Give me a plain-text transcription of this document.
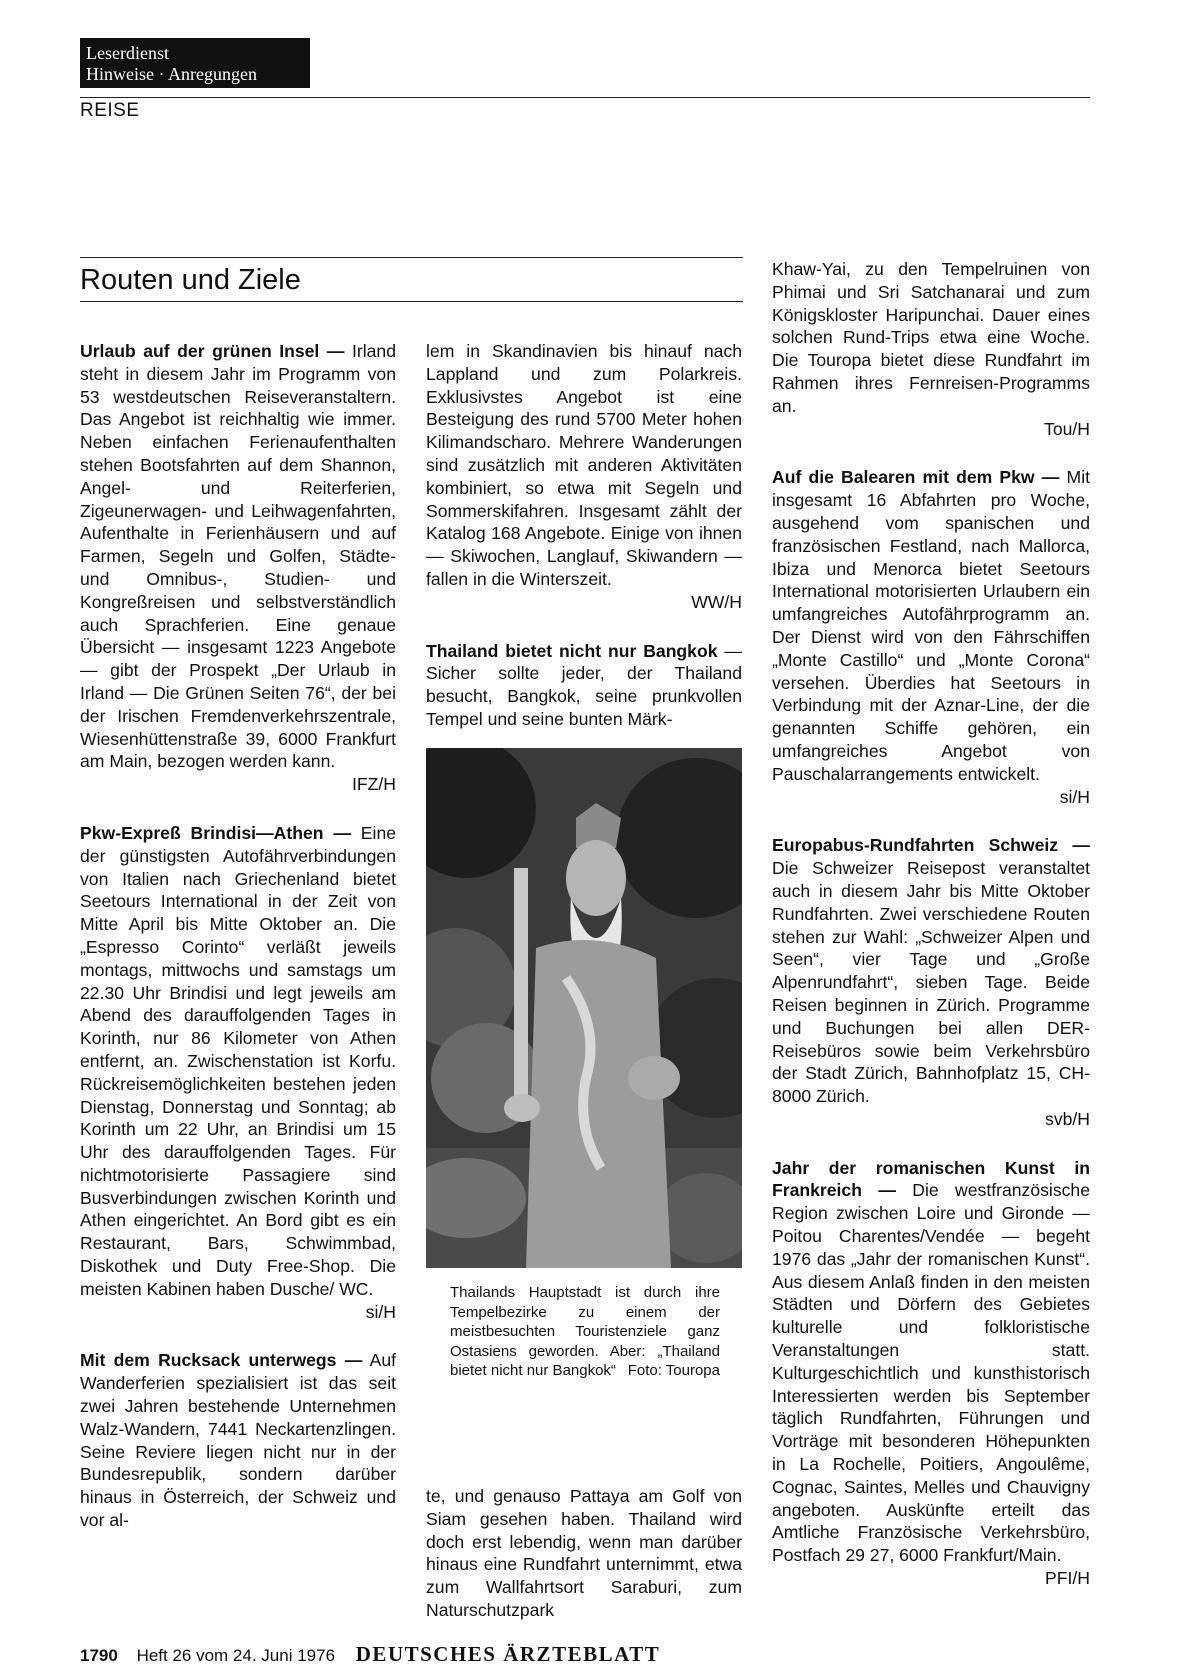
Leserdienst
Hinweise · Anregungen
REISE
Routen und Ziele

Urlaub auf der grünen Insel — Irland steht in diesem Jahr im Programm von 53 westdeutschen Reiseveranstaltern. Das Angebot ist reichhaltig wie immer. Neben einfachen Ferienaufenthalten stehen Bootsfahrten auf dem Shannon, Angel- und Reiterferien, Zigeunerwagen- und Leihwagenfahrten, Aufenthalte in Ferienhäusern und auf Farmen, Segeln und Golfen, Städte- und Omnibus-, Studien- und Kongreßreisen und selbstverständlich auch Sprachferien. Eine genaue Übersicht — insgesamt 1223 Angebote — gibt der Prospekt „Der Urlaub in Irland — Die Grünen Seiten 76“, der bei der Irischen Fremdenverkehrszentrale, Wiesenhüttenstraße 39, 6000 Frankfurt am Main, bezogen werden kann.
IFZ/H

Pkw-Expreß Brindisi—Athen — Eine der günstigsten Autofährverbindungen von Italien nach Griechenland bietet Seetours International in der Zeit von Mitte April bis Mitte Oktober an. Die „Espresso Corinto“ verläßt jeweils montags, mittwochs und samstags um 22.30 Uhr Brindisi und legt jeweils am Abend des darauffolgenden Tages in Korinth, nur 86 Kilometer von Athen entfernt, an. Zwischenstation ist Korfu. Rückreisemöglichkeiten bestehen jeden Dienstag, Donnerstag und Sonntag; ab Korinth um 22 Uhr, an Brindisi um 15 Uhr des darauffolgenden Tages. Für nichtmotorisierte Passagiere sind Busverbindungen zwischen Korinth und Athen eingerichtet. An Bord gibt es ein Restaurant, Bars, Schwimmbad, Diskothek und Duty Free-Shop. Die meisten Kabinen haben Dusche/ WC.
si/H

Mit dem Rucksack unterwegs — Auf Wanderferien spezialisiert ist das seit zwei Jahren bestehende Unternehmen Walz-Wandern, 7441 Neckartenzlingen. Seine Reviere liegen nicht nur in der Bundesrepublik, sondern darüber hinaus in Österreich, der Schweiz und vor al-

lem in Skandinavien bis hinauf nach Lappland und zum Polarkreis. Exklusivstes Angebot ist eine Besteigung des rund 5700 Meter hohen Kilimandscharo. Mehrere Wanderungen sind zusätzlich mit anderen Aktivitäten kombiniert, so etwa mit Segeln und Sommerskifahren. Insgesamt zählt der Katalog 168 Angebote. Einige von ihnen — Skiwochen, Langlauf, Skiwandern — fallen in die Winterszeit.
WW/H

Thailand bietet nicht nur Bangkok — Sicher sollte jeder, der Thailand besucht, Bangkok, seine prunkvollen Tempel und seine bunten Märk-

Thailands Hauptstadt ist durch ihre Tempelbezirke zu einem der meistbesuchten Touristenziele ganz Ostasiens geworden. Aber: „Thailand bietet nicht nur Bangkok“ Foto: Touropa

te, und genauso Pattaya am Golf von Siam gesehen haben. Thailand wird doch erst lebendig, wenn man darüber hinaus eine Rundfahrt unternimmt, etwa zum Wallfahrtsort Saraburi, zum Naturschutzpark

Khaw-Yai, zu den Tempelruinen von Phimai und Sri Satchanarai und zum Königskloster Haripunchai. Dauer eines solchen Rund-Trips etwa eine Woche. Die Touropa bietet diese Rundfahrt im Rahmen ihres Fernreisen-Programms an.
Tou/H

Auf die Balearen mit dem Pkw — Mit insgesamt 16 Abfahrten pro Woche, ausgehend vom spanischen und französischen Festland, nach Mallorca, Ibiza und Menorca bietet Seetours International motorisierten Urlaubern ein umfangreiches Autofährprogramm an. Der Dienst wird von den Fährschiffen „Monte Castillo“ und „Monte Corona“ versehen. Überdies hat Seetours in Verbindung mit der Aznar-Line, der die genannten Schiffe gehören, ein umfangreiches Angebot von Pauschalarrangements entwickelt.
si/H

Europabus-Rundfahrten Schweiz — Die Schweizer Reisepost veranstaltet auch in diesem Jahr bis Mitte Oktober Rundfahrten. Zwei verschiedene Routen stehen zur Wahl: „Schweizer Alpen und Seen“, vier Tage und „Große Alpenrundfahrt“, sieben Tage. Beide Reisen beginnen in Zürich. Programme und Buchungen bei allen DER-Reisebüros sowie beim Verkehrsbüro der Stadt Zürich, Bahnhofplatz 15, CH-8000 Zürich.
svb/H

Jahr der romanischen Kunst in Frankreich — Die westfranzösische Region zwischen Loire und Gironde — Poitou Charentes/Vendée — begeht 1976 das „Jahr der romanischen Kunst“. Aus diesem Anlaß finden in den meisten Städten und Dörfern des Gebietes kulturelle und folkloristische Veranstaltungen statt. Kulturgeschichtlich und kunsthistorisch Interessierten werden bis September täglich Rundfahrten, Führungen und Vorträge mit besonderen Höhepunkten in La Rochelle, Poitiers, Angoulême, Cognac, Saintes, Melles und Chauvigny angeboten. Auskünfte erteilt das Amtliche Französische Verkehrsbüro, Postfach 29 27, 6000 Frankfurt/Main.
PFI/H

1790 Heft 26 vom 24. Juni 1976 DEUTSCHES ÄRZTEBLATT
